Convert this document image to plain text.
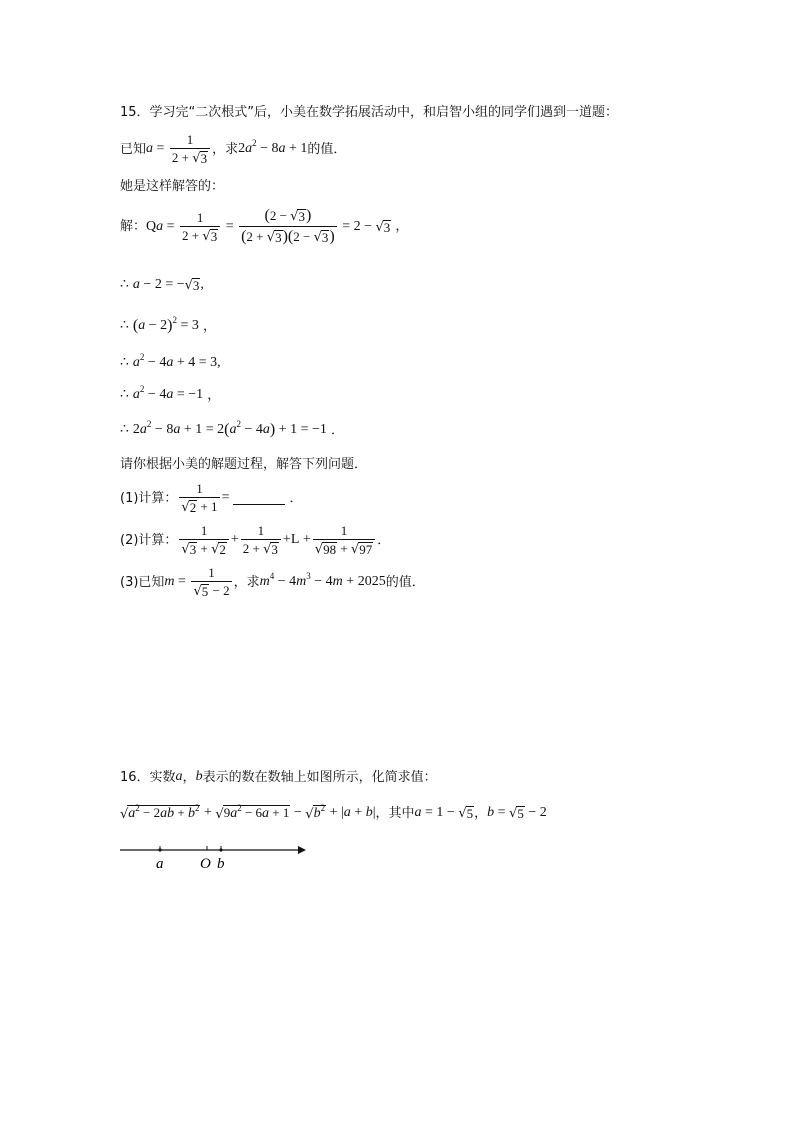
15．学习完“二次根式”后，小美在数学拓展活动中，和启智小组的同学们遇到一道题：
已知 $a = \frac{1}{2 + √ 3}$ ，求 2 a 2 − 8 a + 1 的值．
她是这样解答的：
解： Q $a = \frac{1}{2 + √ 3} = \frac{(2 - √ 3 )}{(2 + √ 3 )(2 - √ 3 )} = 2$ − √ 3 ，
∴ a − 2 = − √ 3 ,
∴ ( a − 2 ) 2 = 3 ，
∴ a 2 − 4 a + 4 = 3,
∴ a 2 − 4 a = −1 ，
∴ 2 a 2 − 8 a + 1 = 2 ( a 2 − 4 a ) + 1 = −1 ．
请你根据小美的解题过程，解答下列问题．
(1)计算： $\frac{1}{√ 2 + 1}$ =	．
(2)计算： $\frac{1}{√ 3 + √ 2} + \frac{1}{2 + √ 3} + L + \frac{1}{√ 98 + √ 97}$ ．
(3)已知 $m = \frac{1}{√ 5 - 2}$ ，求 m 4 − 4 m 3 − 4 m + 2025 的值．
16．实数 a ， b 表示的数在数轴上如图所示，化简求值：
√ $a^2 - 2ab + b^2$ + √ $9a^2 - 6a + 1$ − √ $b^2$ + | a + b | ，其中 a = 1 − √ 5 ， b = √ 5 − 2
a O b
